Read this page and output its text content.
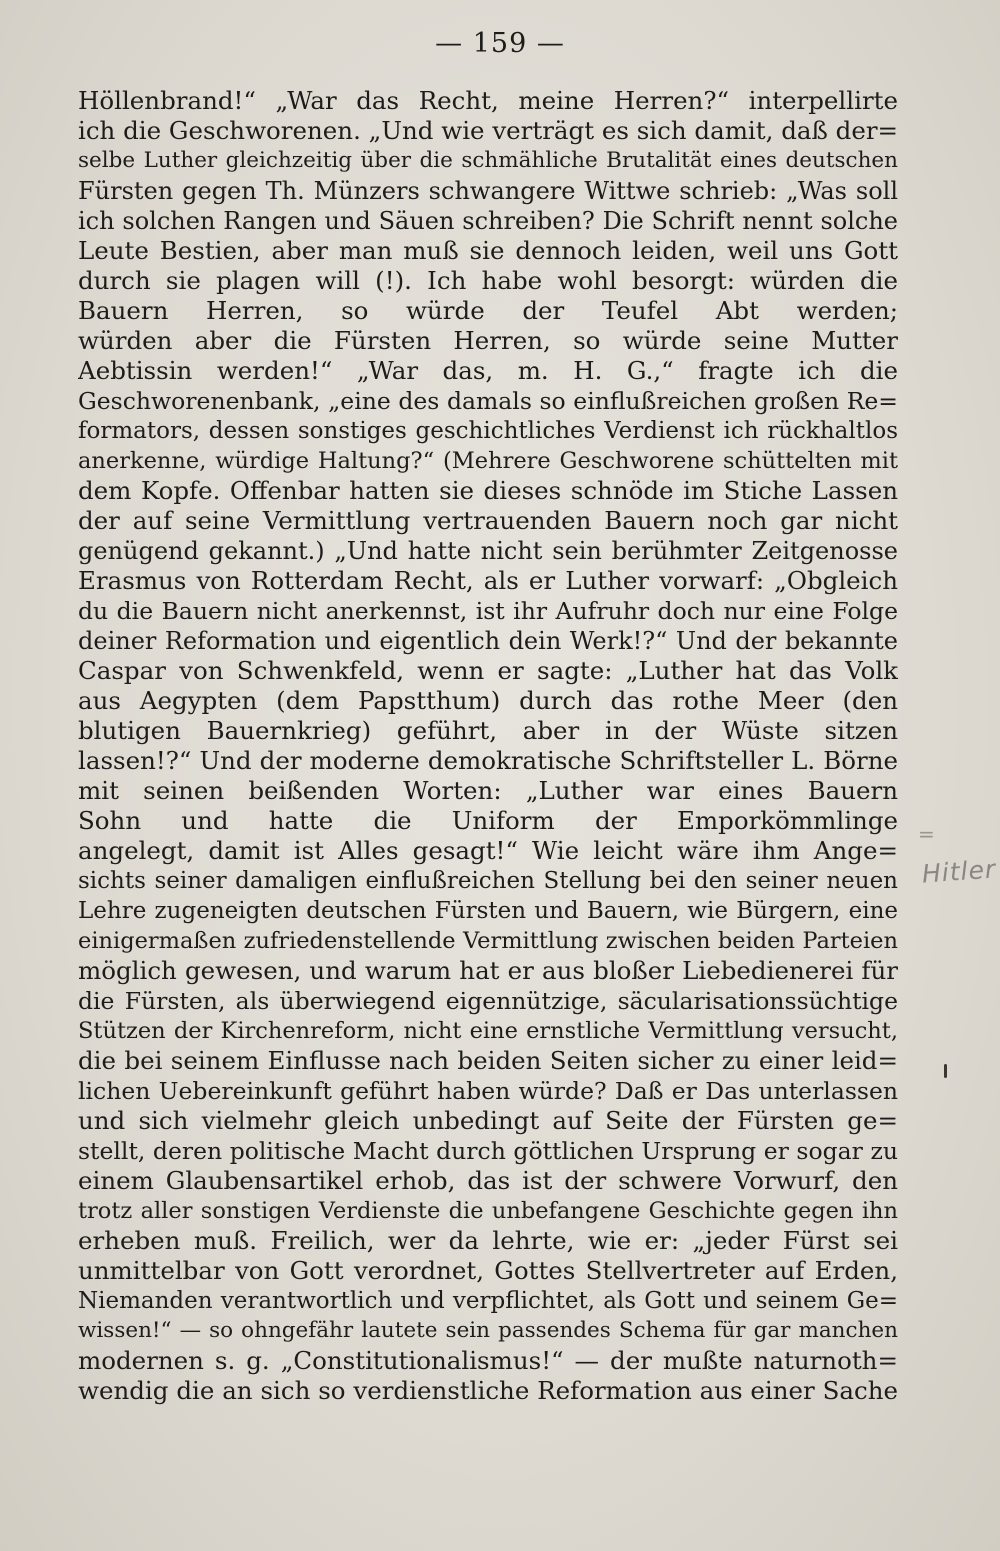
— 159 —
Höllenbrand!“ „War das Recht, meine Herren?“ interpellirte
ich die Geschworenen. „Und wie verträgt es sich damit, daß der=
selbe Luther gleichzeitig über die schmähliche Brutalität eines deutschen
Fürsten gegen Th. Münzers schwangere Wittwe schrieb: „Was soll
ich solchen Rangen und Säuen schreiben? Die Schrift nennt solche
Leute Bestien, aber man muß sie dennoch leiden, weil uns Gott
durch sie plagen will (!). Ich habe wohl besorgt: würden die
Bauern Herren, so würde der Teufel Abt werden;
würden aber die Fürsten Herren, so würde seine Mutter
Aebtissin werden!“ „War das, m. H. G.,“ fragte ich die
Geschworenenbank, „eine des damals so einflußreichen großen Re=
formators, dessen sonstiges geschichtliches Verdienst ich rückhaltlos
anerkenne, würdige Haltung?“ (Mehrere Geschworene schüttelten mit
dem Kopfe. Offenbar hatten sie dieses schnöde im Stiche Lassen
der auf seine Vermittlung vertrauenden Bauern noch gar nicht
genügend gekannt.) „Und hatte nicht sein berühmter Zeitgenosse
Erasmus von Rotterdam Recht, als er Luther vorwarf: „Obgleich
du die Bauern nicht anerkennst, ist ihr Aufruhr doch nur eine Folge
deiner Reformation und eigentlich dein Werk!?“ Und der bekannte
Caspar von Schwenkfeld, wenn er sagte: „Luther hat das Volk
aus Aegypten (dem Papstthum) durch das rothe Meer (den
blutigen Bauernkrieg) geführt, aber in der Wüste sitzen
lassen!?“ Und der moderne demokratische Schriftsteller L. Börne
mit seinen beißenden Worten: „Luther war eines Bauern
Sohn und hatte die Uniform der Emporkömmlinge
angelegt, damit ist Alles gesagt!“ Wie leicht wäre ihm Ange=
sichts seiner damaligen einflußreichen Stellung bei den seiner neuen
Lehre zugeneigten deutschen Fürsten und Bauern, wie Bürgern, eine
einigermaßen zufriedenstellende Vermittlung zwischen beiden Parteien
möglich gewesen, und warum hat er aus bloßer Liebedienerei für
die Fürsten, als überwiegend eigennützige, säcularisationssüchtige
Stützen der Kirchenreform, nicht eine ernstliche Vermittlung versucht,
die bei seinem Einflusse nach beiden Seiten sicher zu einer leid=
lichen Uebereinkunft geführt haben würde? Daß er Das unterlassen
und sich vielmehr gleich unbedingt auf Seite der Fürsten ge=
stellt, deren politische Macht durch göttlichen Ursprung er sogar zu
einem Glaubensartikel erhob, das ist der schwere Vorwurf, den
trotz aller sonstigen Verdienste die unbefangene Geschichte gegen ihn
erheben muß. Freilich, wer da lehrte, wie er: „jeder Fürst sei
unmittelbar von Gott verordnet, Gottes Stellvertreter auf Erden,
Niemanden verantwortlich und verpflichtet, als Gott und seinem Ge=
wissen!“ — so ohngefähr lautete sein passendes Schema für gar manchen
modernen s. g. „Constitutionalismus!“ — der mußte naturnoth=
wendig die an sich so verdienstliche Reformation aus einer Sache
=
Hitler
